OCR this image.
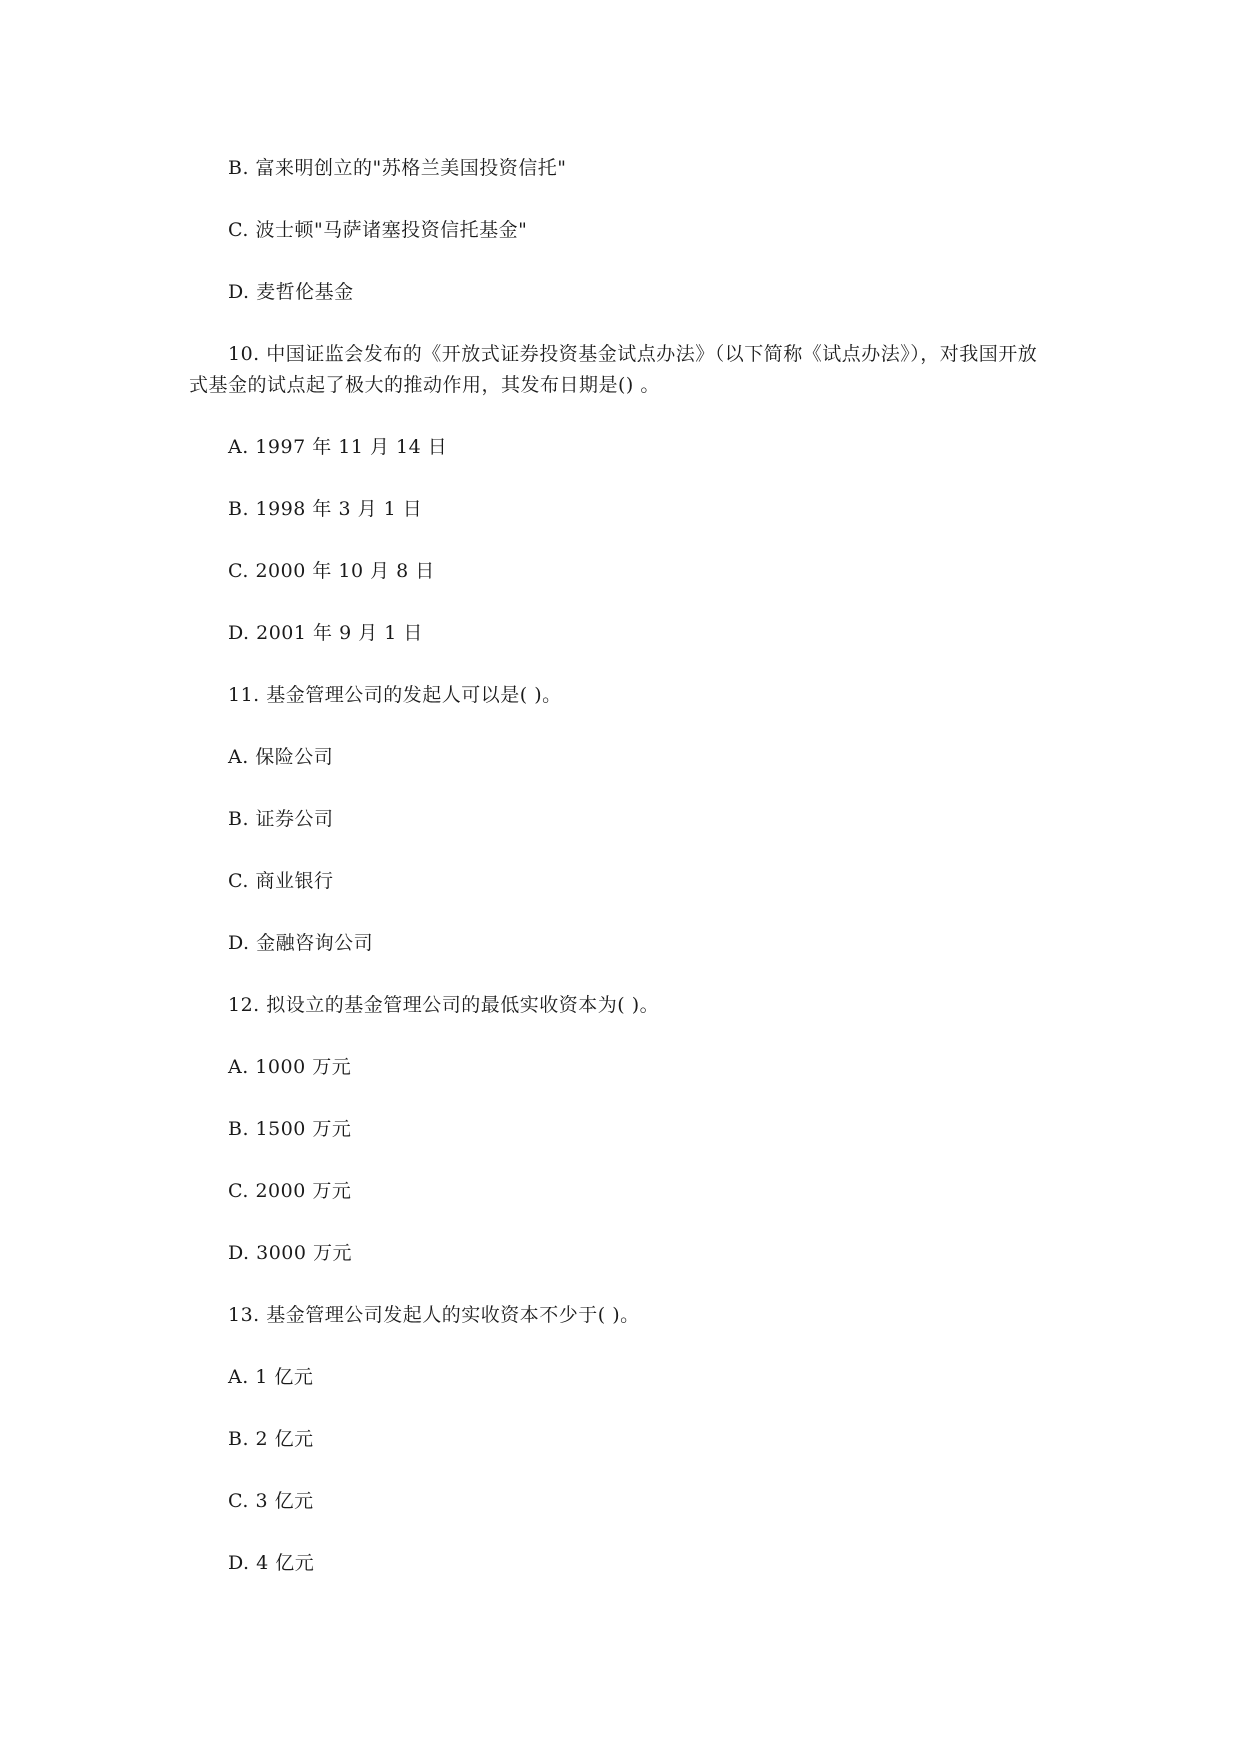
B. 富来明创立的"苏格兰美国投资信托"
C. 波士顿"马萨诸塞投资信托基金"
D. 麦哲伦基金
10. 中国证监会发布的《开放式证券投资基金试点办法》（以下简称《试点办法》），对我国开放
式基金的试点起了极大的推动作用，其发布日期是() 。
A. 1997 年 11 月 14 日
B. 1998 年 3 月 1 日
C. 2000 年 10 月 8 日
D. 2001 年 9 月 1 日
11. 基金管理公司的发起人可以是( )。
A. 保险公司
B. 证券公司
C. 商业银行
D. 金融咨询公司
12. 拟设立的基金管理公司的最低实收资本为( )。
A. 1000 万元
B. 1500 万元
C. 2000 万元
D. 3000 万元
13. 基金管理公司发起人的实收资本不少于( )。
A. 1 亿元
B. 2 亿元
C. 3 亿元
D. 4 亿元
